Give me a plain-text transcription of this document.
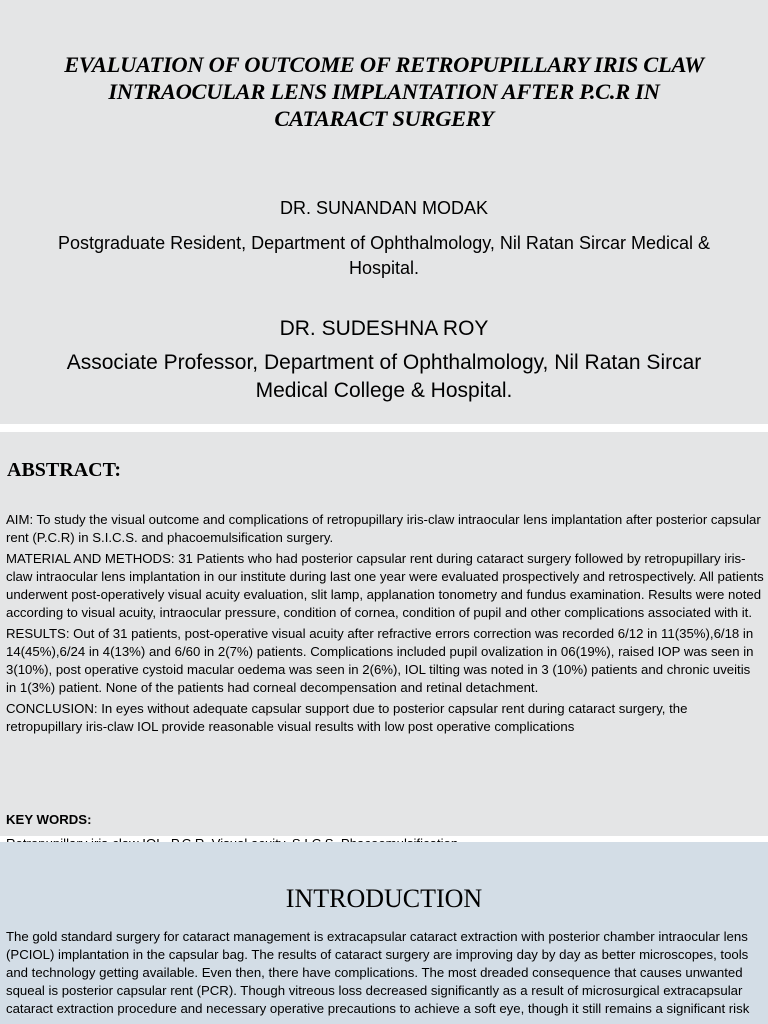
EVALUATION OF OUTCOME OF RETROPUPILLARY IRIS CLAW
INTRAOCULAR LENS IMPLANTATION AFTER P.C.R IN
CATARACT SURGERY
DR. SUNANDAN MODAK
Postgraduate Resident, Department of Ophthalmology, Nil Ratan Sircar Medical &
Hospital.
DR. SUDESHNA ROY
Associate Professor, Department of Ophthalmology, Nil Ratan Sircar
Medical College & Hospital.
ABSTRACT:

AIM: To study the visual outcome and complications of retropupillary iris-claw intraocular lens implantation after posterior capsular rent (P.C.R) in S.I.C.S. and phacoemulsification surgery.

MATERIAL AND METHODS: 31 Patients who had posterior capsular rent during cataract surgery followed by retropupillary iris-claw intraocular lens implantation in our institute during last one year were evaluated prospectively and retrospectively. All patients underwent post-operatively visual acuity evaluation, slit lamp, applanation tonometry and fundus examination. Results were noted according to visual acuity, intraocular pressure, condition of cornea, condition of pupil and other complications associated with it.

RESULTS: Out of 31 patients, post-operative visual acuity after refractive errors correction was recorded 6/12 in 11(35%),6/18 in 14(45%),6/24 in 4(13%) and 6/60 in 2(7%) patients. Complications included pupil ovalization in 06(19%), raised IOP was seen in 3(10%), post operative cystoid macular oedema was seen in 2(6%), IOL tilting was noted in 3 (10%) patients and chronic uveitis in 1(3%) patient. None of the patients had corneal decompensation and retinal detachment.

CONCLUSION: In eyes without adequate capsular support due to posterior capsular rent during cataract surgery, the retropupillary iris-claw IOL provide reasonable visual results with low post operative complications

KEY WORDS:
INTRODUCTION
The gold standard surgery for cataract management is extracapsular cataract extraction with posterior chamber intraocular lens (PCIOL) implantation in the capsular bag. The results of cataract surgery are improving day by day as better microscopes, tools and technology getting available. Even then, there have complications. The most dreaded consequence that causes unwanted squeal is posterior capsular rent (PCR). Though vitreous loss decreased significantly as a result of microsurgical extracapsular cataract extraction procedure and necessary operative precautions to achieve a soft eye, though it still remains a significant risk
